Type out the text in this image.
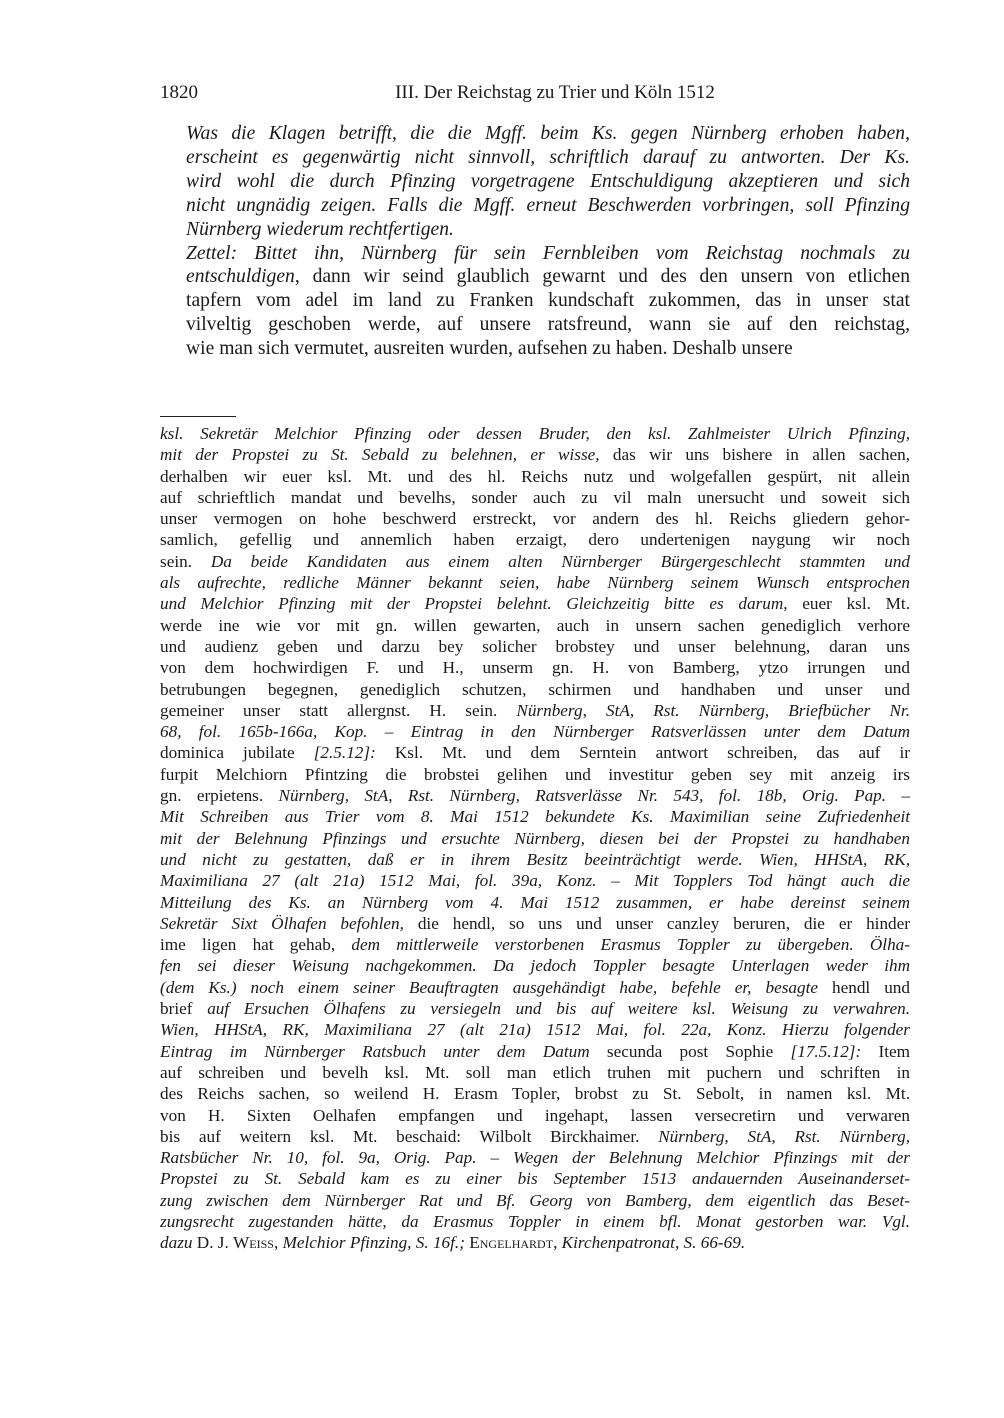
1820	III. Der Reichstag zu Trier und Köln 1512

Was die Klagen betrifft, die die Mgff. beim Ks. gegen Nürnberg erhoben haben,
erscheint es gegenwärtig nicht sinnvoll, schriftlich darauf zu antworten. Der Ks.
wird wohl die durch Pfinzing vorgetragene Entschuldigung akzeptieren und sich
nicht ungnädig zeigen. Falls die Mgff. erneut Beschwerden vorbringen, soll Pfinzing
Nürnberg wiederum rechtfertigen.

Zettel: Bittet ihn, Nürnberg für sein Fernbleiben vom Reichstag nochmals zu
entschuldigen, dann wir seind glaublich gewarnt und des den unsern von etlichen
tapfern vom adel im land zu Franken kundschaft zukommen, das in unser stat
vilveltig geschoben werde, auf unsere ratsfreund, wann sie auf den reichstag,
wie man sich vermutet, ausreiten wurden, aufsehen zu haben. Deshalb unsere

ksl. Sekretär Melchior Pfinzing oder dessen Bruder, den ksl. Zahlmeister Ulrich Pfinzing,
mit der Propstei zu St. Sebald zu belehnen, er wisse, das wir uns bishere in allen sachen,
derhalben wir euer ksl. Mt. und des hl. Reichs nutz und wolgefallen gespürt, nit allein
auf schrieftlich mandat und bevelhs, sonder auch zu vil maln unersucht und soweit sich
unser vermogen on hohe beschwerd erstreckt, vor andern des hl. Reichs gliedern gehor-
samlich, gefellig und annemlich haben erzaigt, dero undertenigen naygung wir noch
sein. Da beide Kandidaten aus einem alten Nürnberger Bürgergeschlecht stammten und
als aufrechte, redliche Männer bekannt seien, habe Nürnberg seinem Wunsch entsprochen
und Melchior Pfinzing mit der Propstei belehnt. Gleichzeitig bitte es darum, euer ksl. Mt.
werde ine wie vor mit gn. willen gewarten, auch in unsern sachen genediglich verhore
und audienz geben und darzu bey solicher brobstey und unser belehnung, daran uns
von dem hochwirdigen F. und H., unserm gn. H. von Bamberg, ytzo irrungen und
betrubungen begegnen, genediglich schutzen, schirmen und handhaben und unser und
gemeiner unser statt allergnst. H. sein. Nürnberg, StA, Rst. Nürnberg, Briefbücher Nr.
68, fol. 165b-166a, Kop. – Eintrag in den Nürnberger Ratsverlässen unter dem Datum
dominica jubilate [2.5.12]: Ksl. Mt. und dem Serntein antwort schreiben, das auf ir
furpit Melchiorn Pfintzing die brobstei gelihen und investitur geben sey mit anzeig irs
gn. erpietens. Nürnberg, StA, Rst. Nürnberg, Ratsverlässe Nr. 543, fol. 18b, Orig. Pap. –
Mit Schreiben aus Trier vom 8. Mai 1512 bekundete Ks. Maximilian seine Zufriedenheit
mit der Belehnung Pfinzings und ersuchte Nürnberg, diesen bei der Propstei zu handhaben
und nicht zu gestatten, daß er in ihrem Besitz beeinträchtigt werde. Wien, HHStA, RK,
Maximiliana 27 (alt 21a) 1512 Mai, fol. 39a, Konz. – Mit Topplers Tod hängt auch die
Mitteilung des Ks. an Nürnberg vom 4. Mai 1512 zusammen, er habe dereinst seinem
Sekretär Sixt Ölhafen befohlen, die hendl, so uns und unser canzley beruren, die er hinder
ime ligen hat gehab, dem mittlerweile verstorbenen Erasmus Toppler zu übergeben. Ölha-
fen sei dieser Weisung nachgekommen. Da jedoch Toppler besagte Unterlagen weder ihm
(dem Ks.) noch einem seiner Beauftragten ausgehändigt habe, befehle er, besagte hendl und
brief auf Ersuchen Ölhafens zu versiegeln und bis auf weitere ksl. Weisung zu verwahren.
Wien, HHStA, RK, Maximiliana 27 (alt 21a) 1512 Mai, fol. 22a, Konz. Hierzu folgender
Eintrag im Nürnberger Ratsbuch unter dem Datum secunda post Sophie [17.5.12]: Item
auf schreiben und bevelh ksl. Mt. soll man etlich truhen mit puchern und schriften in
des Reichs sachen, so weilend H. Erasm Topler, brobst zu St. Sebolt, in namen ksl. Mt.
von H. Sixten Oelhafen empfangen und ingehapt, lassen versecretirn und verwaren
bis auf weitern ksl. Mt. beschaid: Wilbolt Birckhaimer. Nürnberg, StA, Rst. Nürnberg,
Ratsbücher Nr. 10, fol. 9a, Orig. Pap. – Wegen der Belehnung Melchior Pfinzings mit der
Propstei zu St. Sebald kam es zu einer bis September 1513 andauernden Auseinanderset-
zung zwischen dem Nürnberger Rat und Bf. Georg von Bamberg, dem eigentlich das Beset-
zungsrecht zugestanden hätte, da Erasmus Toppler in einem bfl. Monat gestorben war. Vgl.
dazu D. J. Weiss, Melchior Pfinzing, S. 16f.; Engelhardt, Kirchenpatronat, S. 66-69.
